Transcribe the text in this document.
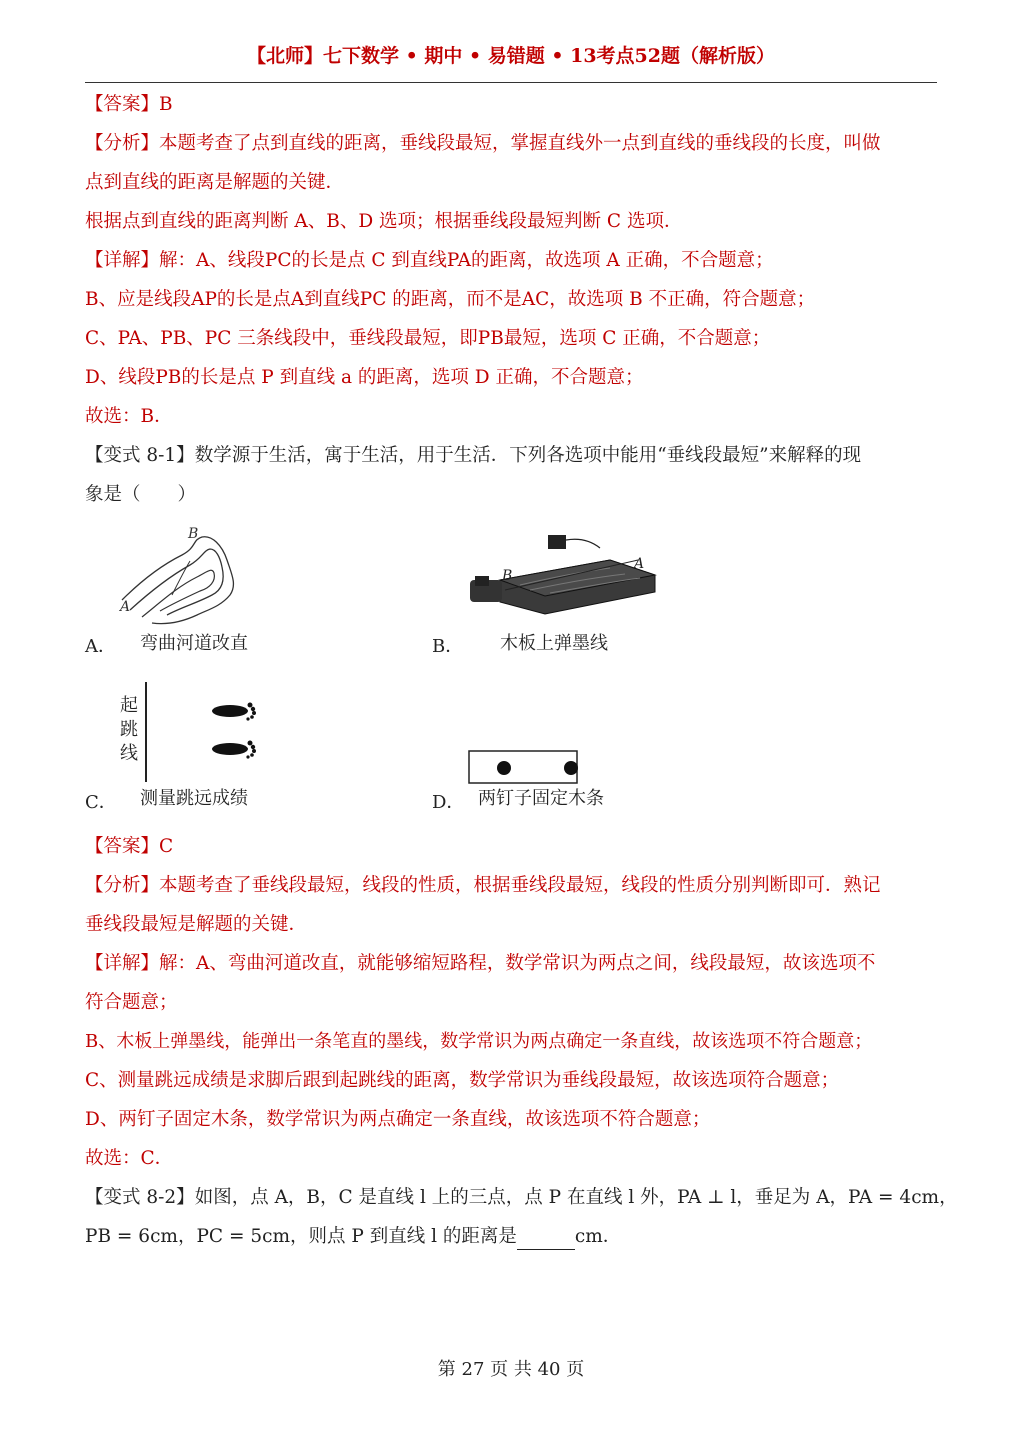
【北师】七下数学 • 期中 • 易错题 • 13考点52题（解析版）
【答案】B
【分析】本题考查了点到直线的距离，垂线段最短，掌握直线外一点到直线的垂线段的长度，叫做
点到直线的距离是解题的关键．
根据点到直线的距离判断 A、B、D 选项；根据垂线段最短判断 C 选项．
【详解】解：A、线段PC的长是点 C 到直线PA的距离，故选项 A 正确，不合题意；
B、应是线段AP的长是点A到直线PC 的距离，而不是AC，故选项 B 不正确，符合题意；
C、PA、PB、PC 三条线段中，垂线段最短，即PB最短，选项 C 正确，不合题意；
D、线段PB的长是点 P 到直线 a 的距离，选项 D 正确，不合题意；
故选：B．
【变式 8-1】数学源于生活，寓于生活，用于生活．下列各选项中能用“垂线段最短”来解释的现
象是（　　）
B
A
A． 弯曲河道改直
B
A
B． 木板上弹墨线
起
跳
线
C． 测量跳远成绩	D． 两钉子固定木条
【答案】C
【分析】本题考查了垂线段最短，线段的性质，根据垂线段最短，线段的性质分别判断即可．熟记
垂线段最短是解题的关键．
【详解】解：A、弯曲河道改直，就能够缩短路程，数学常识为两点之间，线段最短，故该选项不
符合题意；
B、木板上弹墨线，能弹出一条笔直的墨线，数学常识为两点确定一条直线，故该选项不符合题意；
C、测量跳远成绩是求脚后跟到起跳线的距离，数学常识为垂线段最短，故该选项符合题意；
D、两钉子固定木条，数学常识为两点确定一条直线，故该选项不符合题意；
故选：C．
【变式 8-2】如图，点 A，B，C 是直线 l 上的三点，点 P 在直线 l 外，PA ⊥ l，垂足为 A，PA = 4cm，
PB = 6cm，PC = 5cm，则点 P 到直线 l 的距离是	cm．
第 27 页 共 40 页
